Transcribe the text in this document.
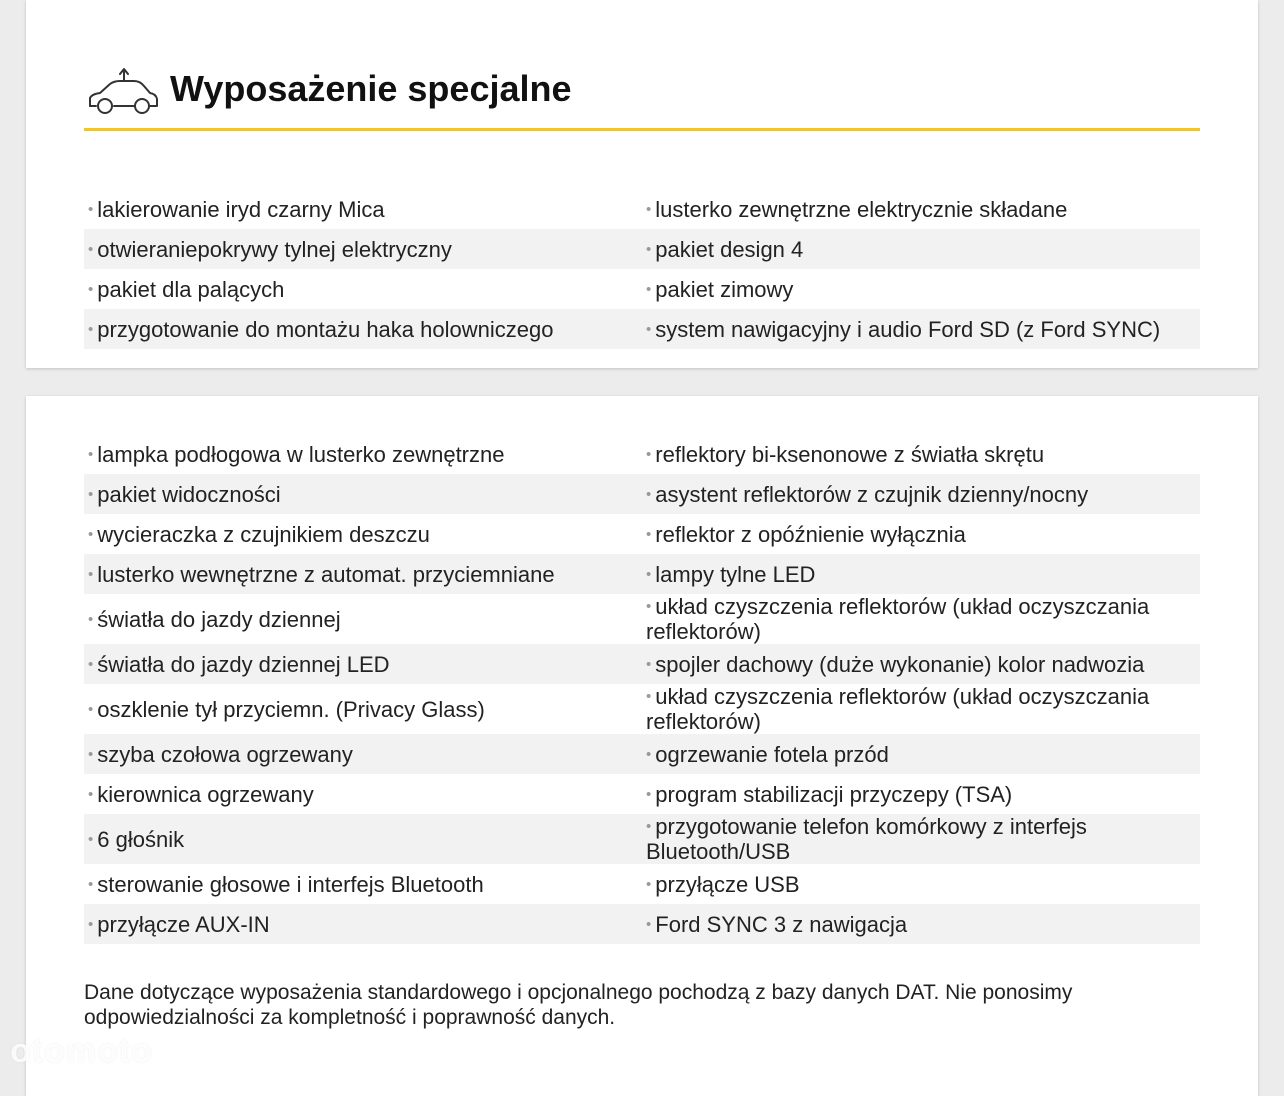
Wyposażenie specjalne
• lakierowanie iryd czarny Mica	• lusterko zewnętrzne elektrycznie składane
• otwieraniepokrywy tylnej elektryczny	• pakiet design 4
• pakiet dla palących	• pakiet zimowy
• przygotowanie do montażu haka holowniczego	• system nawigacyjny i audio Ford SD (z Ford SYNC)
• lampka podłogowa w lusterko zewnętrzne	• reflektory bi-ksenonowe z światła skrętu
• pakiet widoczności	• asystent reflektorów z czujnik dzienny/nocny
• wycieraczka z czujnikiem deszczu	• reflektor z opóźnienie wyłącznia
• lusterko wewnętrzne z automat. przyciemniane	• lampy tylne LED
• światła do jazdy dziennej	• układ czyszczenia reflektorów (układ oczyszczania reflektorów)
• światła do jazdy dziennej LED	• spojler dachowy (duże wykonanie) kolor nadwozia
• oszklenie tył przyciemn. (Privacy Glass)	• układ czyszczenia reflektorów (układ oczyszczania reflektorów)
• szyba czołowa ogrzewany	• ogrzewanie fotela przód
• kierownica ogrzewany	• program stabilizacji przyczepy (TSA)
• 6 głośnik	• przygotowanie telefon komórkowy z interfejs Bluetooth/USB
• sterowanie głosowe i interfejs Bluetooth	• przyłącze USB
• przyłącze AUX-IN	• Ford SYNC 3 z nawigacja
Dane dotyczące wyposażenia standardowego i opcjonalnego pochodzą z bazy danych DAT. Nie ponosimy odpowiedzialności za kompletność i poprawność danych.
otomoto
